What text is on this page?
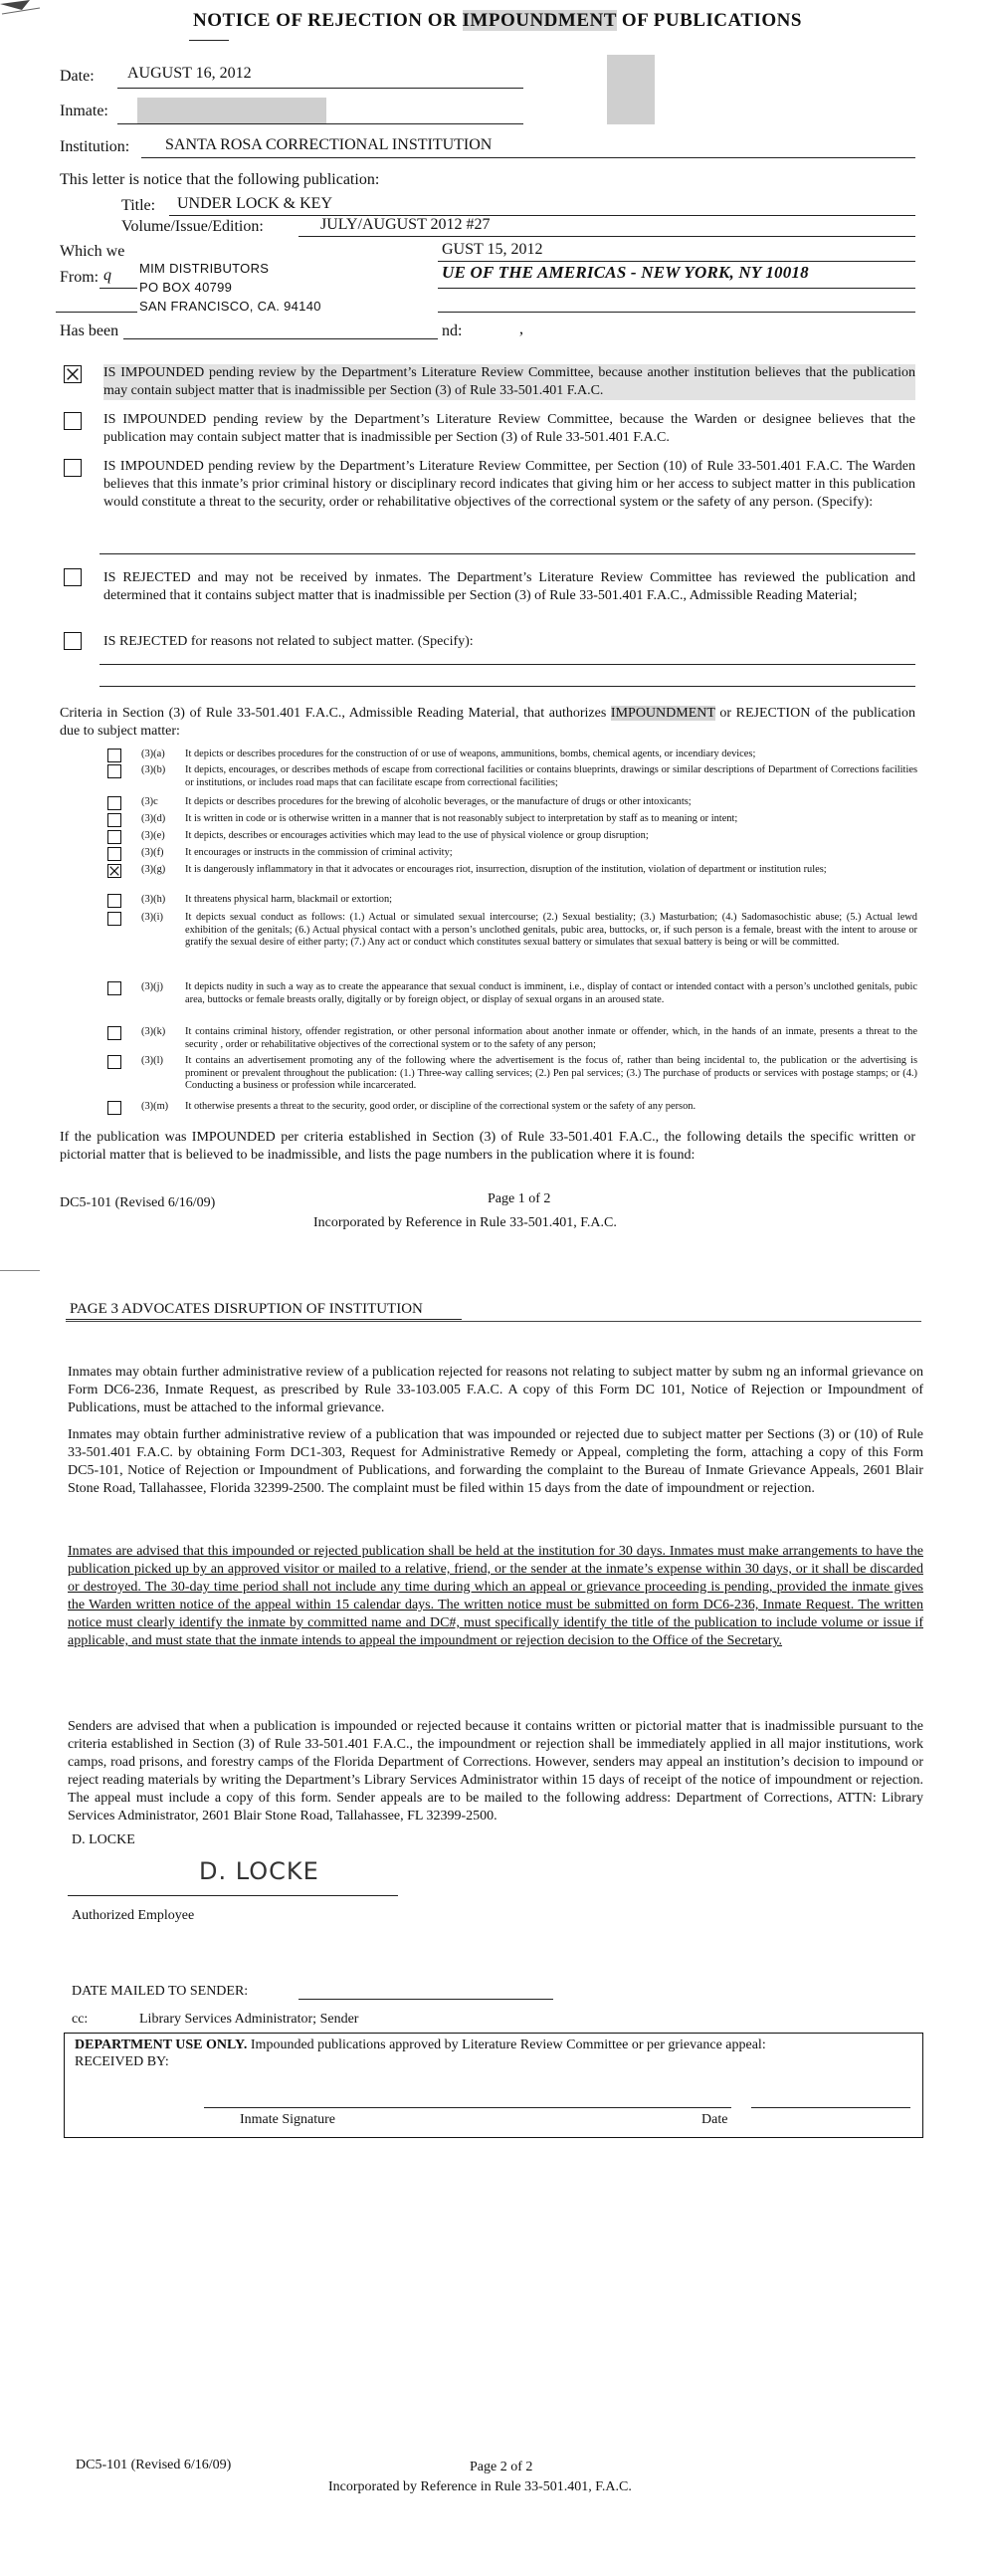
NOTICE OF REJECTION OR IMPOUNDMENT OF PUBLICATIONS
Date: AUGUST 16, 2012
Inmate:
Institution: SANTA ROSA CORRECTIONAL INSTITUTION
This letter is notice that the following publication:
Title: UNDER LOCK & KEY
Volume/Issue/Edition:	JULY/AUGUST 2012 #27
Which we	GUST 15, 2012
From: q MIM DISTRIBUTORS
PO BOX 40799
SAN FRANCISCO, CA. 94140
UE OF THE AMERICAS - NEW YORK, NY 10018
Has been	nd:	,
IS IMPOUNDED pending review by the Department’s Literature Review Committee, because another institution believes that the publication may contain subject matter that is inadmissible per Section (3) of Rule 33-501.401 F.A.C.
IS IMPOUNDED pending review by the Department’s Literature Review Committee, because the Warden or designee believes that the publication may contain subject matter that is inadmissible per Section (3) of Rule 33-501.401 F.A.C.
IS IMPOUNDED pending review by the Department’s Literature Review Committee, per Section (10) of Rule 33-501.401 F.A.C. The Warden believes that this inmate’s prior criminal history or disciplinary record indicates that giving him or her access to subject matter in this publication would constitute a threat to the security, order or rehabilitative objectives of the correctional system or the safety of any person. (Specify):
IS REJECTED and may not be received by inmates. The Department’s Literature Review Committee has reviewed the publication and determined that it contains subject matter that is inadmissible per Section (3) of Rule 33-501.401 F.A.C., Admissible Reading Material;
IS REJECTED for reasons not related to subject matter. (Specify):
Criteria in Section (3) of Rule 33-501.401 F.A.C., Admissible Reading Material, that authorizes IMPOUNDMENT or REJECTION of the publication due to subject matter:
(3)(a)	It depicts or describes procedures for the construction of or use of weapons, ammunitions, bombs, chemical agents, or incendiary devices;
(3)(b)	It depicts, encourages, or describes methods of escape from correctional facilities or contains blueprints, drawings or similar descriptions of Department of Corrections facilities or institutions, or includes road maps that can facilitate escape from correctional facilities;
(3)c	It depicts or describes procedures for the brewing of alcoholic beverages, or the manufacture of drugs or other intoxicants;
(3)(d)	It is written in code or is otherwise written in a manner that is not reasonably subject to interpretation by staff as to meaning or intent;
(3)(e)	It depicts, describes or encourages activities which may lead to the use of physical violence or group disruption;
(3)(f)	It encourages or instructs in the commission of criminal activity;
(3)(g)	It is dangerously inflammatory in that it advocates or encourages riot, insurrection, disruption of the institution, violation of department or institution rules;
(3)(h)	It threatens physical harm, blackmail or extortion;
(3)(i)	It depicts sexual conduct as follows: (1.) Actual or simulated sexual intercourse; (2.) Sexual bestiality; (3.) Masturbation; (4.) Sadomasochistic abuse; (5.) Actual lewd exhibition of the genitals; (6.) Actual physical contact with a person’s unclothed genitals, pubic area, buttocks, or, if such person is a female, breast with the intent to arouse or gratify the sexual desire of either party; (7.) Any act or conduct which constitutes sexual battery or simulates that sexual battery is being or will be committed.
(3)(j)	It depicts nudity in such a way as to create the appearance that sexual conduct is imminent, i.e., display of contact or intended contact with a person’s unclothed genitals, pubic area, buttocks or female breasts orally, digitally or by foreign object, or display of sexual organs in an aroused state.
(3)(k)	It contains criminal history, offender registration, or other personal information about another inmate or offender, which, in the hands of an inmate, presents a threat to the security , order or rehabilitative objectives of the correctional system or to the safety of any person;
(3)(l)	It contains an advertisement promoting any of the following where the advertisement is the focus of, rather than being incidental to, the publication or the advertising is prominent or prevalent throughout the publication: (1.) Three-way calling services; (2.) Pen pal services; (3.) The purchase of products or services with postage stamps; or (4.) Conducting a business or profession while incarcerated.
(3)(m)	It otherwise presents a threat to the security, good order, or discipline of the correctional system or the safety of any person.
If the publication was IMPOUNDED per criteria established in Section (3) of Rule 33-501.401 F.A.C., the following details the specific written or pictorial matter that is believed to be inadmissible, and lists the page numbers in the publication where it is found:
DC5-101 (Revised 6/16/09)	Page 1 of 2
Incorporated by Reference in Rule 33-501.401, F.A.C.
PAGE 3 ADVOCATES DISRUPTION OF INSTITUTION
Inmates may obtain further administrative review of a publication rejected for reasons not relating to subject matter by subm ng an informal grievance on Form DC6-236, Inmate Request, as prescribed by Rule 33-103.005 F.A.C. A copy of this Form DC 101, Notice of Rejection or Impoundment of Publications, must be attached to the informal grievance.
Inmates may obtain further administrative review of a publication that was impounded or rejected due to subject matter per Sections (3) or (10) of Rule 33-501.401 F.A.C. by obtaining Form DC1-303, Request for Administrative Remedy or Appeal, completing the form, attaching a copy of this Form DC5-101, Notice of Rejection or Impoundment of Publications, and forwarding the complaint to the Bureau of Inmate Grievance Appeals, 2601 Blair Stone Road, Tallahassee, Florida 32399-2500. The complaint must be filed within 15 days from the date of impoundment or rejection.
Inmates are advised that this impounded or rejected publication shall be held at the institution for 30 days. Inmates must make arrangements to have the publication picked up by an approved visitor or mailed to a relative, friend, or the sender at the inmate’s expense within 30 days, or it shall be discarded or destroyed. The 30-day time period shall not include any time during which an appeal or grievance proceeding is pending, provided the inmate gives the Warden written notice of the appeal within 15 calendar days. The written notice must be submitted on form DC6-236, Inmate Request. The written notice must clearly identify the inmate by committed name and DC#, must specifically identify the title of the publication to include volume or issue if applicable, and must state that the inmate intends to appeal the impoundment or rejection decision to the Office of the Secretary.
Senders are advised that when a publication is impounded or rejected because it contains written or pictorial matter that is inadmissible pursuant to the criteria established in Section (3) of Rule 33-501.401 F.A.C., the impoundment or rejection shall be immediately applied in all major institutions, work camps, road prisons, and forestry camps of the Florida Department of Corrections. However, senders may appeal an institution’s decision to impound or reject reading materials by writing the Department’s Library Services Administrator within 15 days of receipt of the notice of impoundment or rejection. The appeal must include a copy of this form. Sender appeals are to be mailed to the following address: Department of Corrections, ATTN: Library Services Administrator, 2601 Blair Stone Road, Tallahassee, FL 32399-2500.
D. LOCKE
D. LOCKE
Authorized Employee
DATE MAILED TO SENDER:
cc:	Library Services Administrator; Sender
DEPARTMENT USE ONLY. Impounded publications approved by Literature Review Committee or per grievance appeal:
RECEIVED BY:
Inmate Signature	Date
DC5-101 (Revised 6/16/09)	Page 2 of 2
Incorporated by Reference in Rule 33-501.401, F.A.C.
